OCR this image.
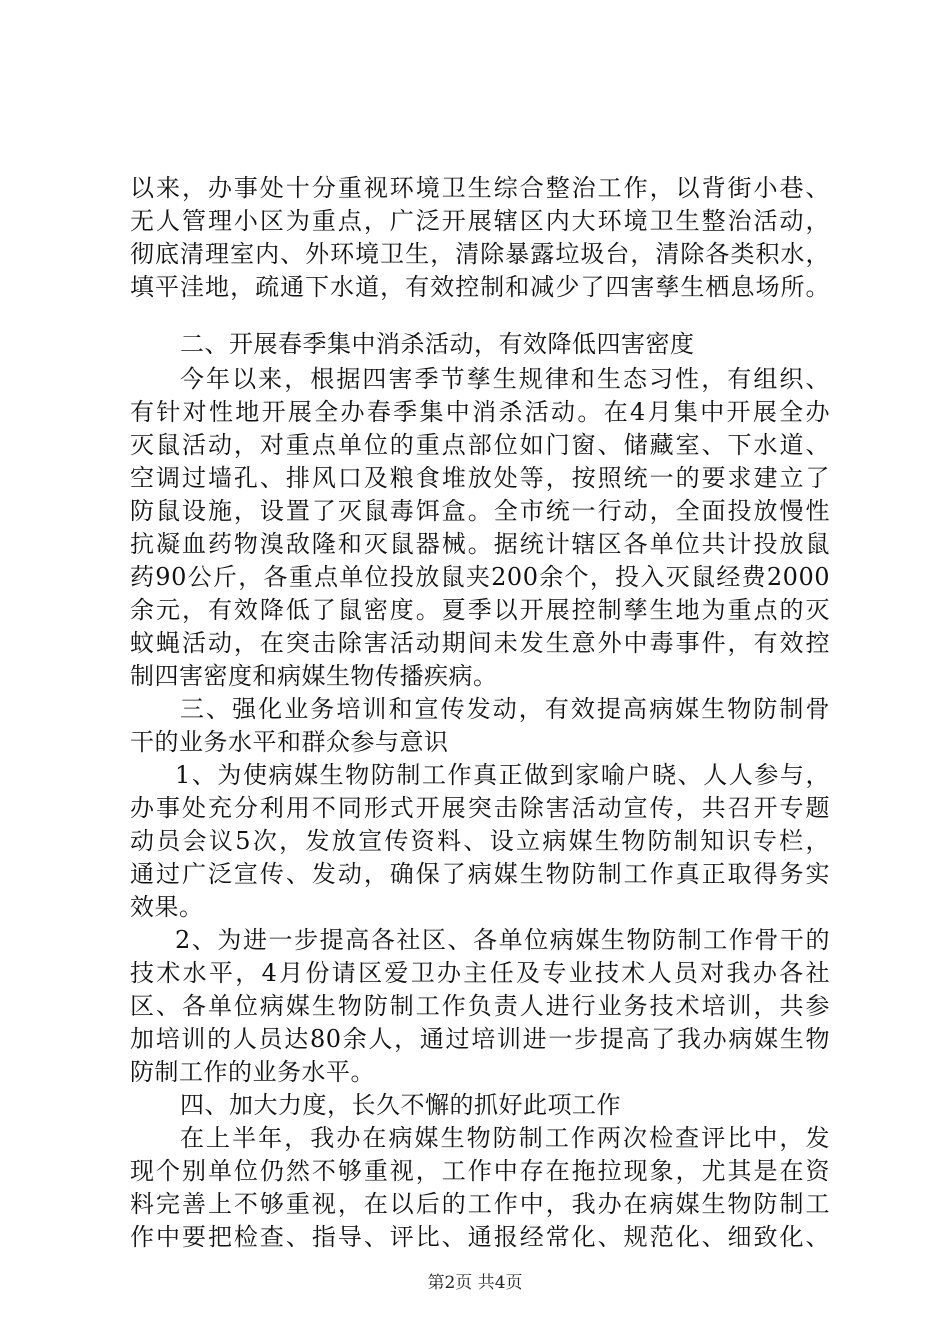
以来，办事处十分重视环境卫生综合整治工作，以背街小巷、
无人管理小区为重点，广泛开展辖区内大环境卫生整治活动，
彻底清理室内、外环境卫生，清除暴露垃圾台，清除各类积水，
填平洼地，疏通下水道，有效控制和减少了四害孳生栖息场所。
二、开展春季集中消杀活动，有效降低四害密度
今年以来，根据四害季节孳生规律和生态习性，有组织、
有针对性地开展全办春季集中消杀活动。在4月集中开展全办
灭鼠活动，对重点单位的重点部位如门窗、储藏室、下水道、
空调过墙孔、排风口及粮食堆放处等，按照统一的要求建立了
防鼠设施，设置了灭鼠毒饵盒。全市统一行动，全面投放慢性
抗凝血药物溴敌隆和灭鼠器械。据统计辖区各单位共计投放鼠
药90公斤，各重点单位投放鼠夹200余个，投入灭鼠经费2000
余元，有效降低了鼠密度。夏季以开展控制孳生地为重点的灭
蚊蝇活动，在突击除害活动期间未发生意外中毒事件，有效控
制四害密度和病媒生物传播疾病。
三、强化业务培训和宣传发动，有效提高病媒生物防制骨
干的业务水平和群众参与意识
1、为使病媒生物防制工作真正做到家喻户晓、人人参与，
办事处充分利用不同形式开展突击除害活动宣传，共召开专题
动员会议5次，发放宣传资料、设立病媒生物防制知识专栏，
通过广泛宣传、发动，确保了病媒生物防制工作真正取得务实
效果。
2、为进一步提高各社区、各单位病媒生物防制工作骨干的
技术水平，4月份请区爱卫办主任及专业技术人员对我办各社
区、各单位病媒生物防制工作负责人进行业务技术培训，共参
加培训的人员达80余人，通过培训进一步提高了我办病媒生物
防制工作的业务水平。
四、加大力度，长久不懈的抓好此项工作
在上半年，我办在病媒生物防制工作两次检查评比中，发
现个别单位仍然不够重视，工作中存在拖拉现象，尤其是在资
料完善上不够重视，在以后的工作中，我办在病媒生物防制工
作中要把检查、指导、评比、通报经常化、规范化、细致化、
第2页 共4页
